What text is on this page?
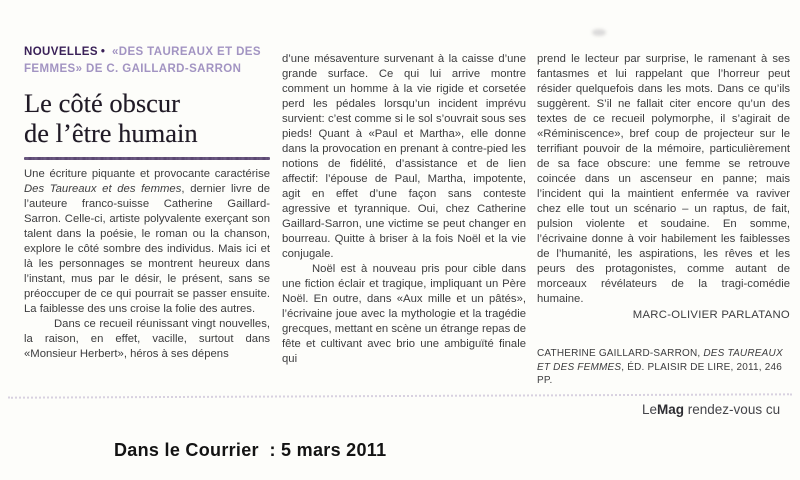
NOUVELLES • «DES TAUREAUX ET DES FEMMES» DE C. GAILLARD-SARRON
Le côté obscur
de l’être humain

Une écriture piquante et provocante caractérise Des Taureaux et des femmes, dernier livre de l’auteure franco-suisse Catherine Gaillard-Sarron. Celle-ci, artiste polyvalente exerçant son talent dans la poésie, le roman ou la chanson, explore le côté sombre des individus. Mais ici et là les personnages se montrent heureux dans l’instant, mus par le désir, le présent, sans se préoccuper de ce qui pourrait se passer ensuite. La faiblesse des uns croise la folie des autres.

Dans ce recueil réunissant vingt nouvelles, la raison, en effet, vacille, surtout dans «Monsieur Herbert», héros à ses dépens

d’une mésaventure survenant à la caisse d’une grande surface. Ce qui lui arrive montre comment un homme à la vie rigide et corsetée perd les pédales lorsqu’un incident imprévu survient: c’est comme si le sol s’ouvrait sous ses pieds! Quant à «Paul et Martha», elle donne dans la provocation en prenant à contre-pied les notions de fidélité, d’assistance et de lien affectif: l’épouse de Paul, Martha, impotente, agit en effet d’une façon sans conteste agressive et tyrannique. Oui, chez Catherine Gaillard-Sarron, une victime se peut changer en bourreau. Quitte à briser à la fois Noël et la vie conjugale.

Noël est à nouveau pris pour cible dans une fiction éclair et tragique, impliquant un Père Noël. En outre, dans «Aux mille et un pâtés», l’écrivaine joue avec la mythologie et la tragédie grecques, mettant en scène un étrange repas de fête et cultivant avec brio une ambiguïté finale qui

prend le lecteur par surprise, le ramenant à ses fantasmes et lui rappelant que l’horreur peut résider quelquefois dans les mots. Dans ce qu’ils suggèrent. S’il ne fallait citer encore qu’un des textes de ce recueil polymorphe, il s’agirait de «Réminiscence», bref coup de projecteur sur le terrifiant pouvoir de la mémoire, particulièrement de sa face obscure: une femme se retrouve coincée dans un ascenseur en panne; mais l’incident qui la maintient enfermée va raviver chez elle tout un scénario – un raptus, de fait, pulsion violente et soudaine. En somme, l’écrivaine donne à voir habilement les faiblesses de l’humanité, les aspirations, les rêves et les peurs des protagonistes, comme autant de morceaux révélateurs de la tragi-comédie humaine.

MARC-OLIVIER PARLATANO

CATHERINE GAILLARD-SARRON, DES TAUREAUX ET DES FEMMES, ÉD. PLAISIR DE LIRE, 2011, 246 PP.

LeMag rendez-vous cu
Dans le Courrier  : 5 mars 2011
